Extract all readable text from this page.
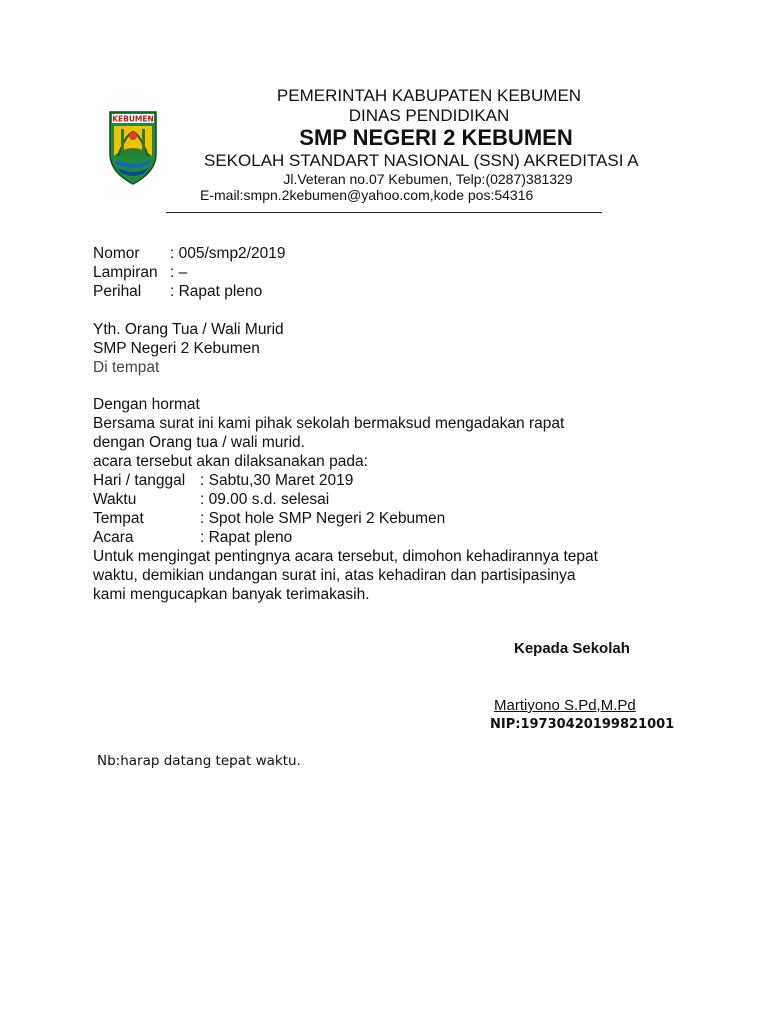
KEBUMEN
PEMERINTAH KABUPATEN KEBUMEN
DINAS PENDIDIKAN
SMP NEGERI 2 KEBUMEN
SEKOLAH STANDART NASIONAL (SSN) AKREDITASI A
Jl.Veteran no.07 Kebumen, Telp:(0287)381329
E-mail:smpn.2kebumen@yahoo.com,kode pos:54316
Nomor : 005/smp2/2019
Lampiran : –
Perihal : Rapat pleno
Yth. Orang Tua / Wali Murid
SMP Negeri 2 Kebumen
Di tempat
Dengan hormat
Bersama surat ini kami pihak sekolah bermaksud mengadakan rapat
dengan Orang tua / wali murid.
acara tersebut akan dilaksanakan pada:
Hari / tanggal : Sabtu,30 Maret 2019
Waktu	: 09.00 s.d. selesai
Tempat	: Spot hole SMP Negeri 2 Kebumen
Acara	: Rapat pleno
Untuk mengingat pentingnya acara tersebut, dimohon kehadirannya tepat
waktu, demikian undangan surat ini, atas kehadiran dan partisipasinya
kami mengucapkan banyak terimakasih.
Kepada Sekolah
Martiyono S.Pd,M.Pd
NIP:19730420199821001
Nb:harap datang tepat waktu.
